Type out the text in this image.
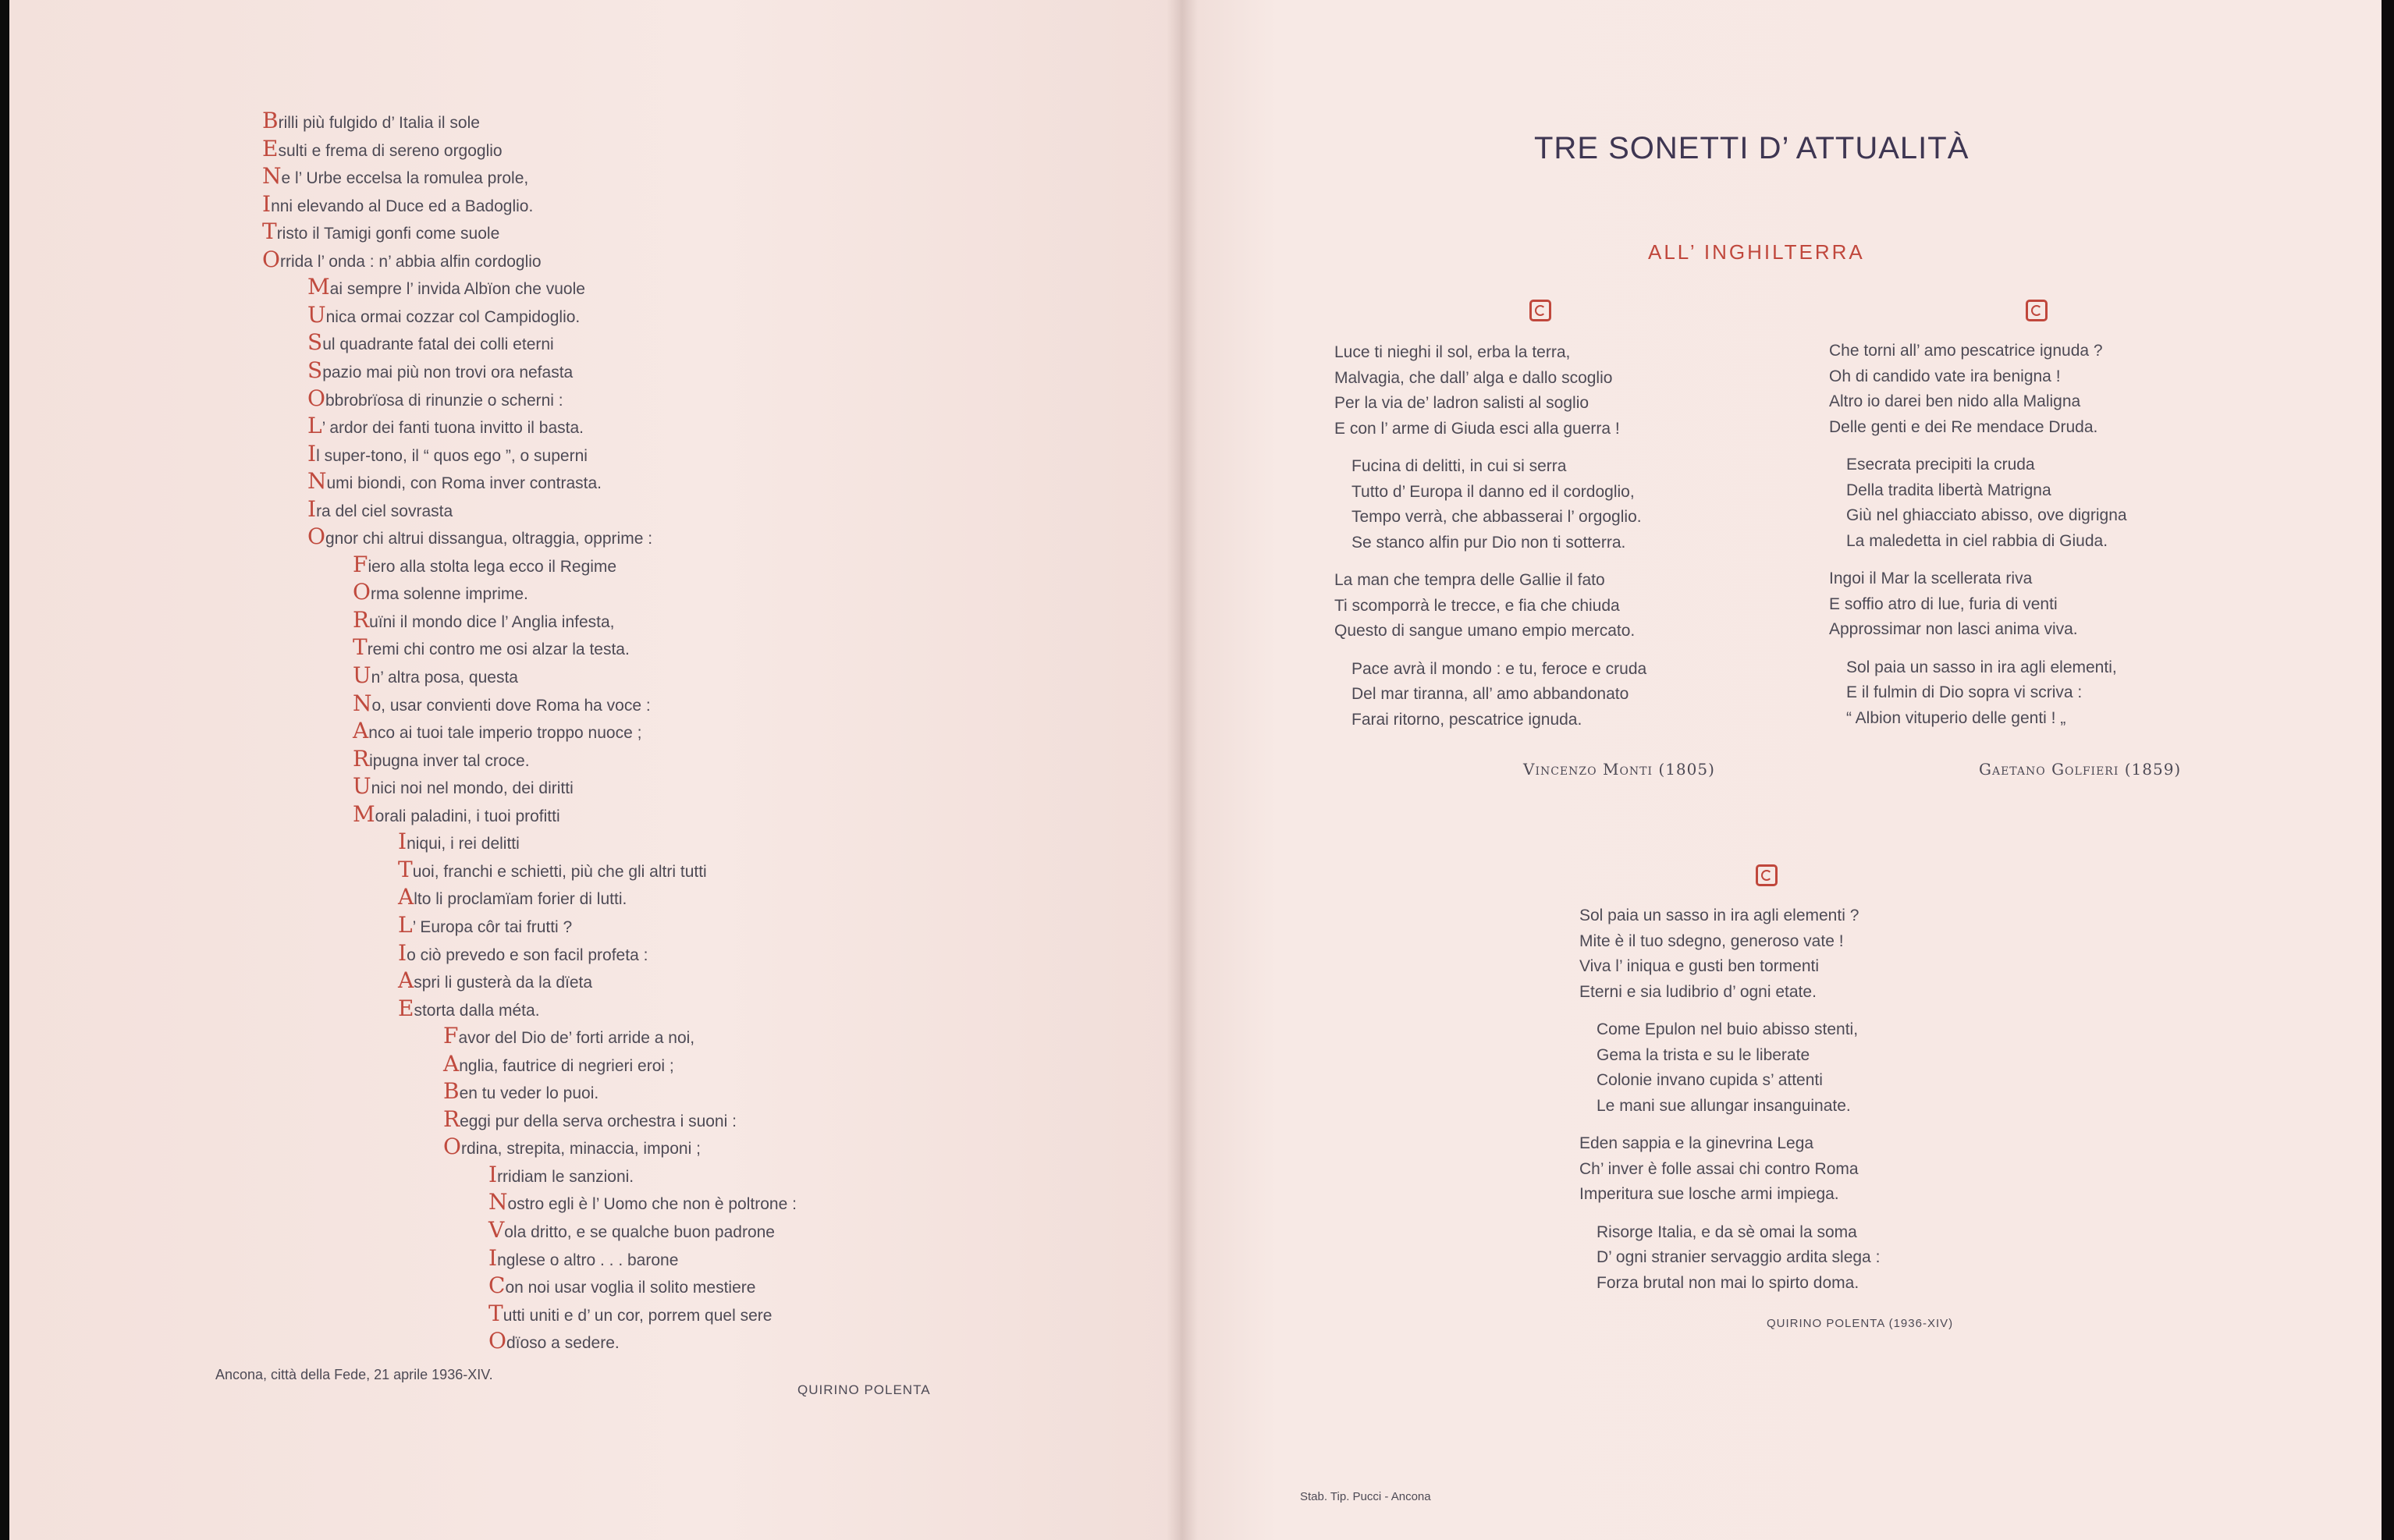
Brilli più fulgido d’ Italia il sole
Esulti e frema di sereno orgoglio
Ne l’ Urbe eccelsa la romulea prole,
Inni elevando al Duce ed a Badoglio.
Tristo il Tamigi gonfi come suole
Orrida l’ onda : n’ abbia alfin cordoglio
Mai sempre l’ invida Albïon che vuole
Unica ormai cozzar col Campidoglio.
Sul quadrante fatal dei colli eterni
Spazio mai più non trovi ora nefasta
Obbrobrïosa di rinunzie o scherni :
L’ ardor dei fanti tuona invitto il basta.
Il super-tono, il “ quos ego ”, o superni
Numi biondi, con Roma inver contrasta.
Ira del ciel sovrasta
Ognor chi altrui dissangua, oltraggia, opprime :
Fiero alla stolta lega ecco il Regime
Orma solenne imprime.
Ruïni il mondo dice l’ Anglia infesta,
Tremi chi contro me osi alzar la testa.
Un’ altra posa, questa
No, usar convienti dove Roma ha voce :
Anco ai tuoi tale imperio troppo nuoce ;
Ripugna inver tal croce.
Unici noi nel mondo, dei diritti
Morali paladini, i tuoi profitti
Iniqui, i rei delitti
Tuoi, franchi e schietti, più che gli altri tutti
Alto li proclamïam forier di lutti.
L’ Europa côr tai frutti ?
Io ciò prevedo e son facil profeta :
Aspri li gusterà da la dïeta
Estorta dalla méta.
Favor del Dio de’ forti arride a noi,
Anglia, fautrice di negrieri eroi ;
Ben tu veder lo puoi.
Reggi pur della serva orchestra i suoni :
Ordina, strepita, minaccia, imponi ;
Irridiam le sanzioni.
Nostro egli è l’ Uomo che non è poltrone :
Vola dritto, e se qualche buon padrone
Inglese o altro . . . barone
Con noi usar voglia il solito mestiere
Tutti uniti e d’ un cor, porrem quel sere
Odïoso a sedere.
Ancona, città della Fede, 21 aprile 1936-XIV.
QUIRINO POLENTA
TRE SONETTI D’ ATTUALITÀ
ALL’ INGHILTERRA
Luce ti nieghi il sol, erba la terra,
Malvagia, che dall’ alga e dallo scoglio
Per la via de’ ladron salisti al soglio
E con l’ arme di Giuda esci alla guerra !
Fucina di delitti, in cui si serra
Tutto d’ Europa il danno ed il cordoglio,
Tempo verrà, che abbasserai l’ orgoglio.
Se stanco alfin pur Dio non ti sotterra.
La man che tempra delle Gallie il fato
Ti scomporrà le trecce, e fia che chiuda
Questo di sangue umano empio mercato.
Pace avrà il mondo : e tu, feroce e cruda
Del mar tiranna, all’ amo abbandonato
Farai ritorno, pescatrice ignuda.
Vincenzo Monti (1805)
Che torni all’ amo pescatrice ignuda ?
Oh di candido vate ira benigna !
Altro io darei ben nido alla Maligna
Delle genti e dei Re mendace Druda.
Esecrata precipiti la cruda
Della tradita libertà Matrigna
Giù nel ghiacciato abisso, ove digrigna
La maledetta in ciel rabbia di Giuda.
Ingoi il Mar la scellerata riva
E soffio atro di lue, furia di venti
Approssimar non lasci anima viva.
Sol paia un sasso in ira agli elementi,
E il fulmin di Dio sopra vi scriva :
“ Albion vituperio delle genti ! „
Gaetano Golfieri (1859)
Sol paia un sasso in ira agli elementi ?
Mite è il tuo sdegno, generoso vate !
Viva l’ iniqua e gusti ben tormenti
Eterni e sia ludibrio d’ ogni etate.
Come Epulon nel buio abisso stenti,
Gema la trista e su le liberate
Colonie invano cupida s’ attenti
Le mani sue allungar insanguinate.
Eden sappia e la ginevrina Lega
Ch’ inver è folle assai chi contro Roma
Imperitura sue losche armi impiega.
Risorge Italia, e da sè omai la soma
D’ ogni stranier servaggio ardita slega :
Forza brutal non mai lo spirto doma.
QUIRINO POLENTA (1936-XIV)
Stab. Tip. Pucci - Ancona
